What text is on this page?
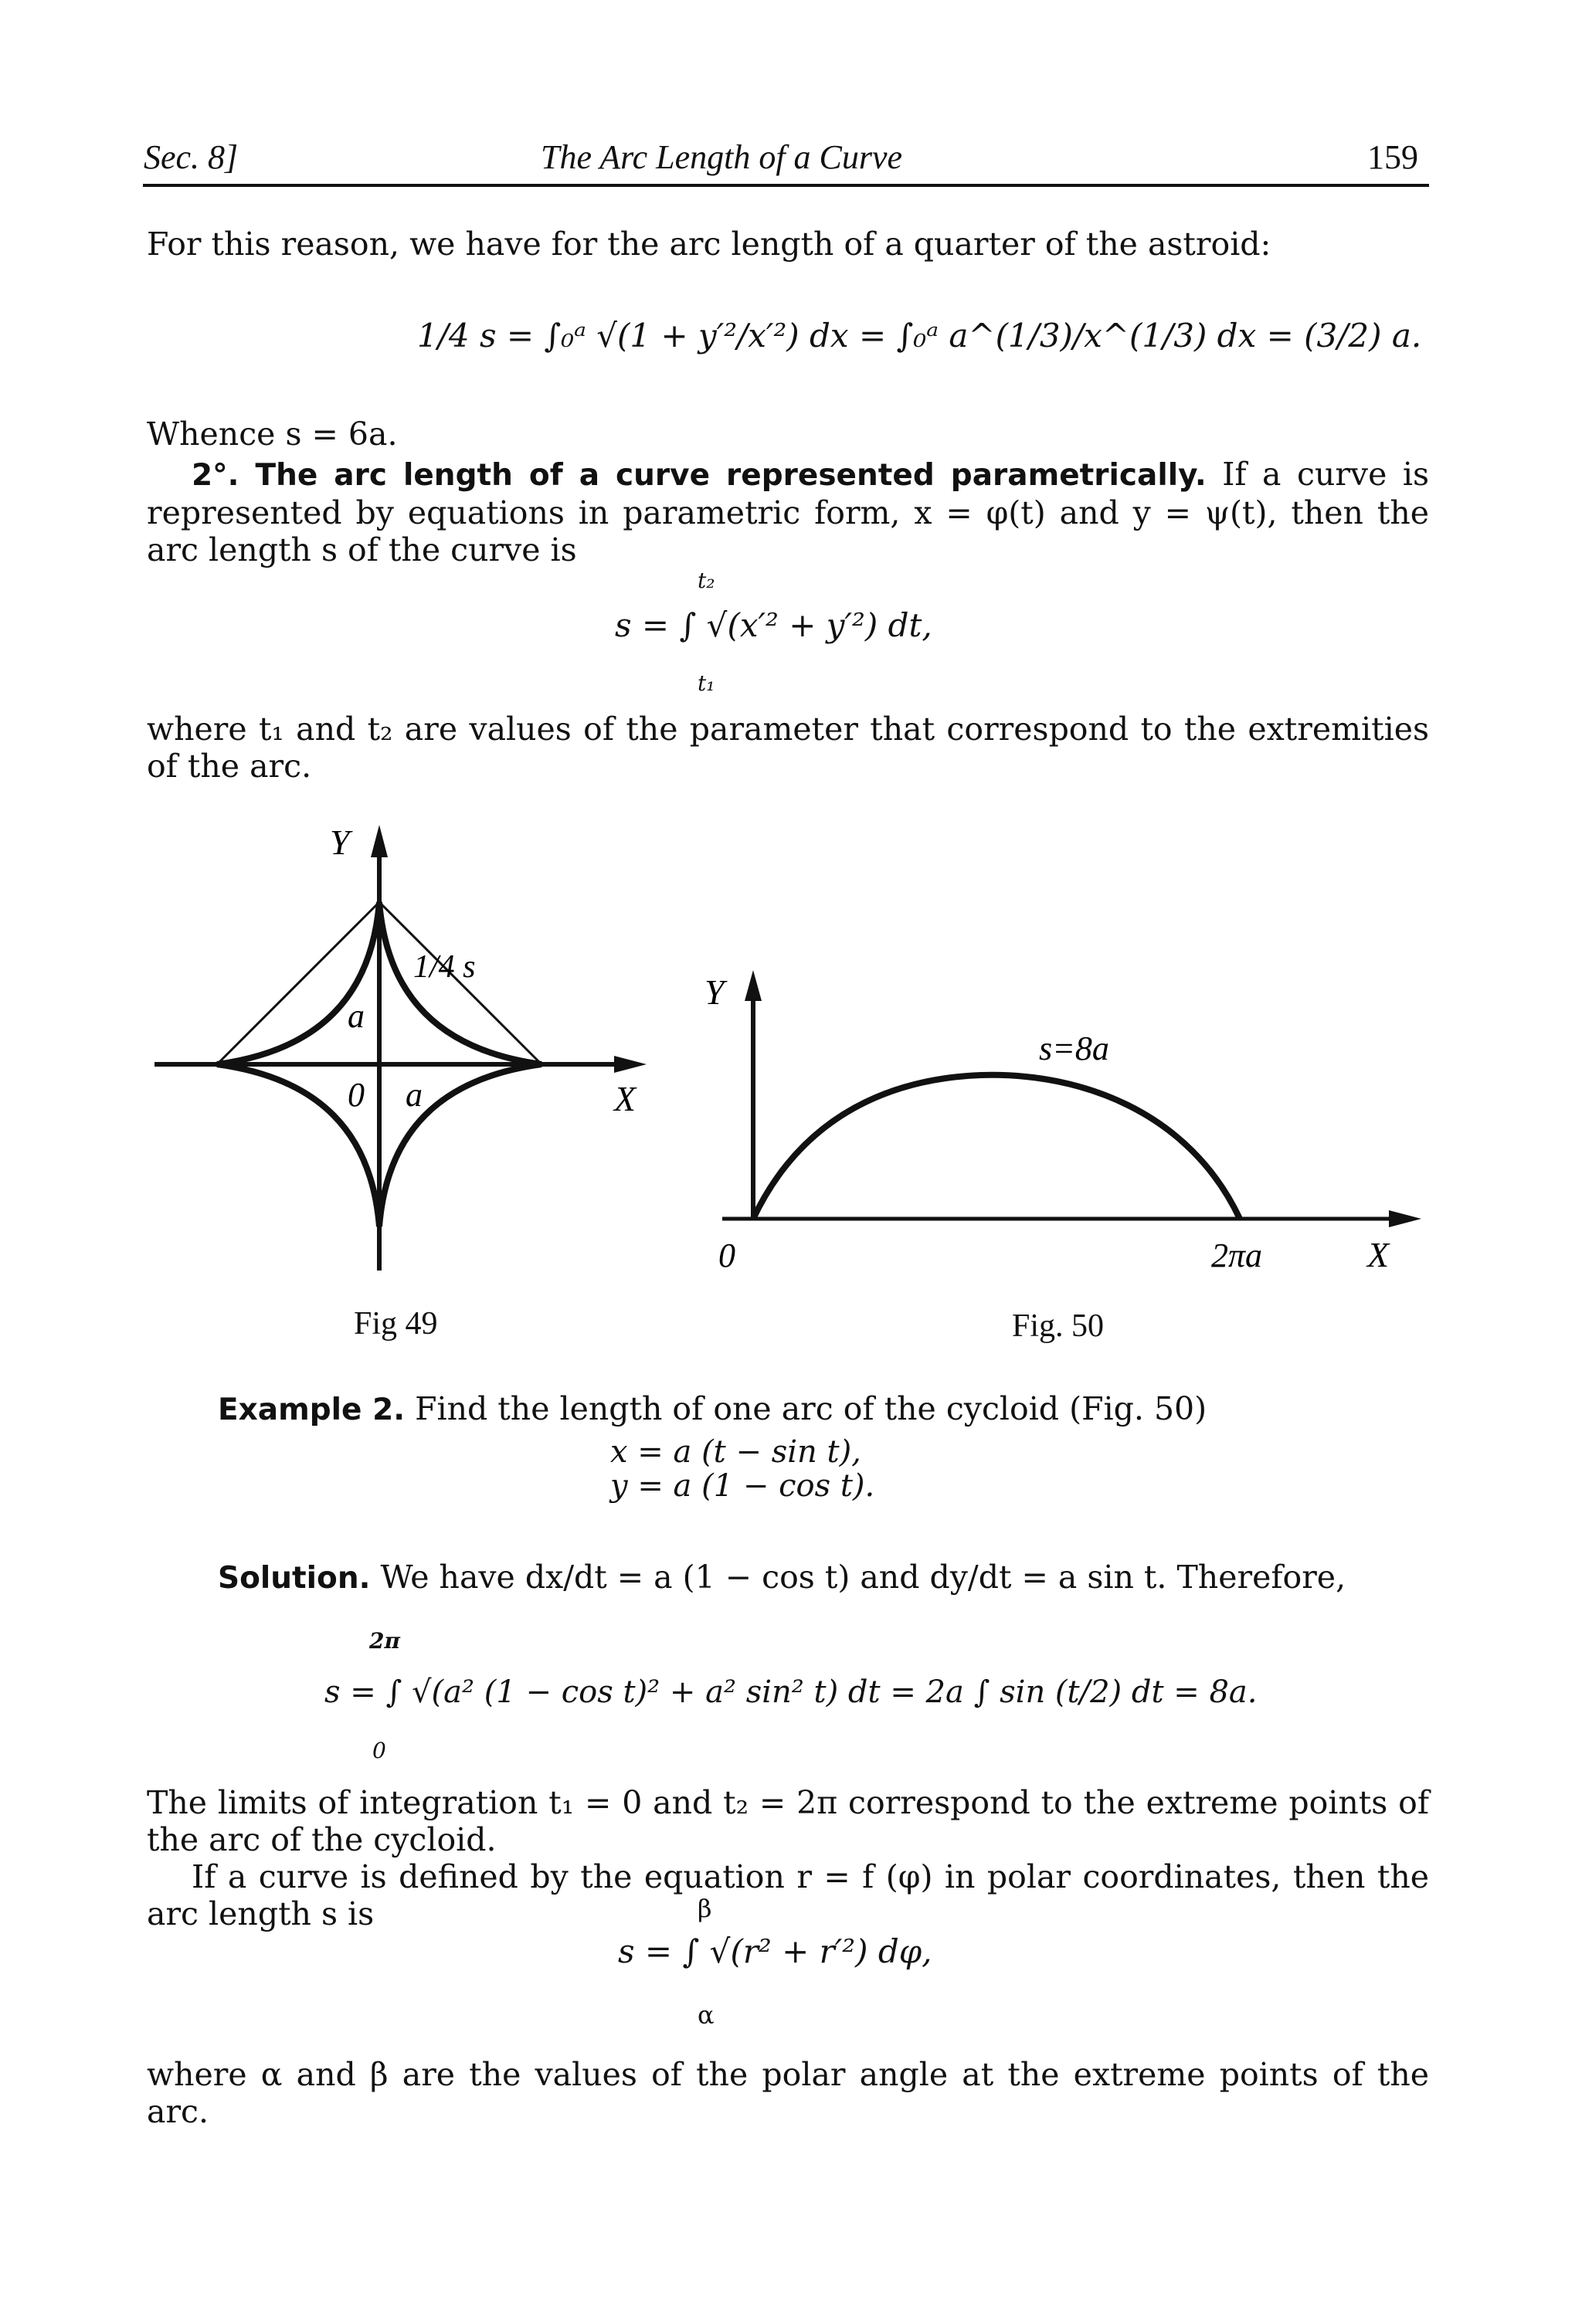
Sec. 8]	The Arc Length of a Curve	159

For this reason, we have for the arc length of a quarter of the astroid:

1/4 s = ∫₀ᵃ √(1 + y′²/x′²) dx = ∫₀ᵃ a^(1/3)/x^(1/3) dx = (3/2) a.

Whence s = 6a.

2°. The arc length of a curve represented parametrically. If a curve is represented by equations in parametric form, x = φ(t) and y = ψ(t), then the arc length s of the curve is

t₂
s = ∫ √(x′² + y′²) dt,
t₁

where t₁ and t₂ are values of the parameter that correspond to the extremities of the arc.

Y
1/4 s
a
0 a	X
Fig 49
Y
s=8a
0	2πa	X
Fig. 50

Example 2. Find the length of one arc of the cycloid (Fig. 50)

x = a (t − sin t),
y = a (1 − cos t).

Solution. We have dx/dt = a (1 − cos t) and dy/dt = a sin t. Therefore,

2π
s = ∫ √(a² (1 − cos t)² + a² sin² t) dt = 2a ∫ sin (t/2) dt = 8a.
0

The limits of integration t₁ = 0 and t₂ = 2π correspond to the extreme points of the arc of the cycloid.

If a curve is defined by the equation r = f (φ) in polar coordinates, then the arc length s is	β
s = ∫ √(r² + r′²) dφ,
α

where α and β are the values of the polar angle at the extreme points of the arc.
